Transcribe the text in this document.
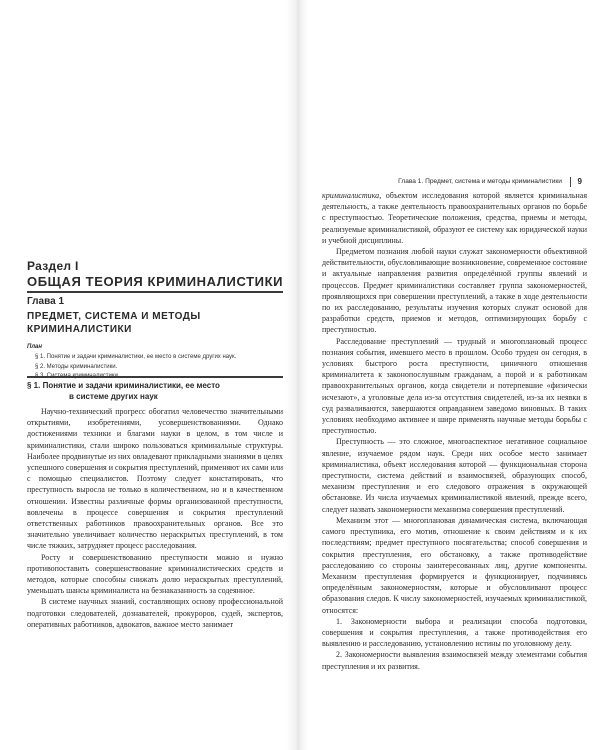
Раздел I
ОБЩАЯ ТЕОРИЯ КРИМИНАЛИСТИКИ
Глава 1
ПРЕДМЕТ, СИСТЕМА И МЕТОДЫ КРИМИНАЛИСТИКИ
План
§ 1. Понятие и задачи криминалистики, ее место в системе других наук.
§ 2. Методы криминалистики.
§ 1. Понятие и задачи криминалистики, ее место
в системе других наук

Научно-технический прогресс обогатил человечество значительными открытиями, изобретениями, усовершенствованиями. Однако достижениями техники и благами науки в целом, в том числе и криминалистики, стали широко пользоваться криминальные структуры. Наиболее продвинутые из них овладевают прикладными знаниями в целях успешного совершения и сокрытия преступлений, применяют их сами или с помощью специалистов. Поэтому следует констатировать, что преступность выросла не только в количественном, но и в качественном отношении. Известны различные формы организованной преступности, вовлечены в процессе совершения и сокрытия преступлений ответственных работников правоохранительных органов. Все это значительно увеличивает количество нераскрытых преступлений, в том числе тяжких, затрудняет процесс расследования.

Росту и совершенствованию преступности можно и нужно противопоставить совершенствование криминалистических средств и методов, которые способны снижать долю нераскрытых преступлений, уменьшать шансы криминалиста на безнаказанность за содеянное.

В системе научных знаний, составляющих основу профессиональной подготовки следователей, дознавателей, прокуроров, судей, экспертов, оперативных работников, адвокатов, важное место занимает

Глава 1. Предмет, система и методы криминалистики 9

криминалистика, объектом исследования которой является криминальная деятельность, а также деятельность правоохранительных органов по борьбе с преступностью. Теоретические положения, средства, приемы и методы, реализуемые криминалистикой, образуют ее систему как юридической науки и учебной дисциплины.

Предметом познания любой науки служат закономерности объективной действительности, обусловливающие возникновение, современное состояние и актуальные направления развития определённой группы явлений и процессов. Предмет криминалистики составляет группа закономерностей, проявляющихся при совершении преступлений, а также в ходе деятельности по их расследованию, результаты изучения которых служат основой для разработки средств, приемов и методов, оптимизирующих борьбу с преступностью.

Расследование преступлений — трудный и многоплановый процесс познания события, имевшего место в прошлом. Особо труден он сегодня, в условиях быстрого роста преступности, циничного отношения криминалитета к законопослушным гражданам, а порой и к работникам правоохранительных органов, когда свидетели и потерпевшие «физически исчезают», а уголовные дела из-за отсутствия свидетелей, из-за их неявки в суд разваливаются, завершаются оправданием заведомо виновных. В таких условиях необходимо активнее и шире применять научные методы борьбы с преступностью.

Преступность — это сложное, многоаспектное негативное социальное явление, изучаемое рядом наук. Среди них особое место занимает криминалистика, объект исследования которой — функциональная сторона преступности, система действий и взаимосвязей, образующих способ, механизм преступления и его следового отражения в окружающей обстановке. Из числа изучаемых криминалистикой явлений, прежде всего, следует назвать закономерности механизма совершения преступлений.

Механизм этот — многоплановая динамическая система, включающая самого преступника, его мотив, отношение к своим действиям и к их последствиям; предмет преступного посягательства; способ совершения и сокрытия преступления, его обстановку, а также противодействие расследованию со стороны заинтересованных лиц, другие компоненты. Механизм преступления формируется и функционирует, подчиняясь определённым закономерностям, которые и обусловливают процесс образования следов. К числу закономерностей, изучаемых криминалистикой, относятся:

1. Закономерности выбора и реализации способа подготовки, совершения и сокрытия преступления, а также противодействия его выявлению и расследованию, установлению истины по уголовному делу.

2. Закономерности выявления взаимосвязей между элементами события преступления и их развития.
